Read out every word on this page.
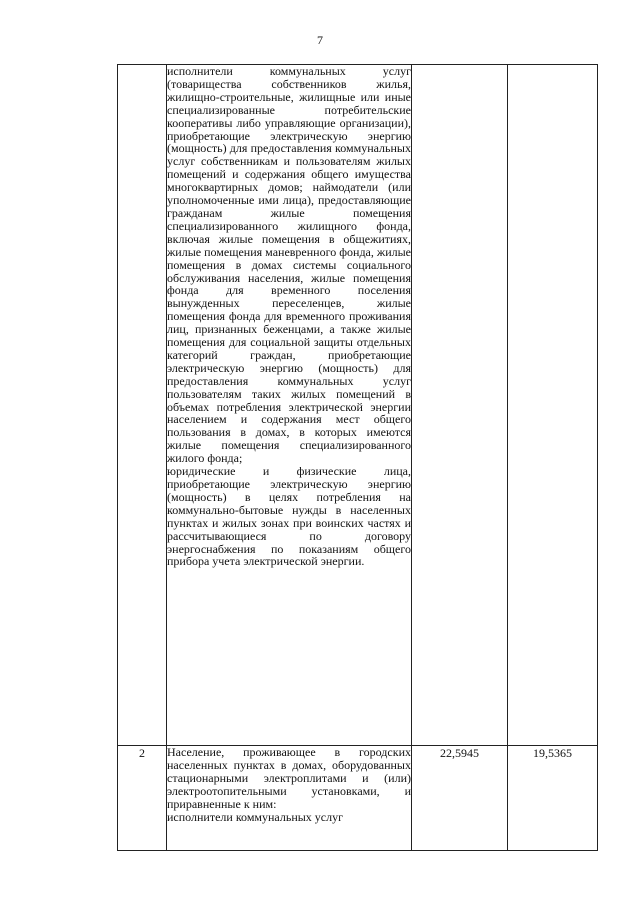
7

	исполнители коммунальных услуг (товарищества собственников жилья, жилищно-строительные, жилищные или иные специализированные потребительские кооперативы либо управляющие организации), приобретающие электрическую энергию (мощность) для предоставления коммунальных услуг собственникам и пользователям жилых помещений и содержания общего имущества многоквартирных домов; наймодатели (или уполномоченные ими лица), предоставляющие гражданам жилые помещения специализированного жилищного фонда, включая жилые помещения в общежитиях, жилые помещения маневренного фонда, жилые помещения в домах системы социального обслуживания населения, жилые помещения фонда для временного поселения вынужденных переселенцев, жилые помещения фонда для временного проживания лиц, признанных беженцами, а также жилые помещения для социальной защиты отдельных категорий граждан, приобретающие электрическую энергию (мощность) для предоставления коммунальных услуг пользователям таких жилых помещений в объемах потребления электрической энергии населением и содержания мест общего пользования в домах, в которых имеются жилые помещения специализированного жилого фонда;

юридические и физические лица, приобретающие электрическую энергию (мощность) в целях потребления на коммунально-бытовые нужды в населенных пунктах и жилых зонах при воинских частях и рассчитывающиеся по договору энергоснабжения по показаниям общего прибора учета электрической энергии.		

2	Население, проживающее в городских населенных пунктах в домах, оборудованных стационарными электроплитами и (или) электроотопительными установками, и приравненные к ним:

исполнители коммунальных услуг	22,5945	19,5365
